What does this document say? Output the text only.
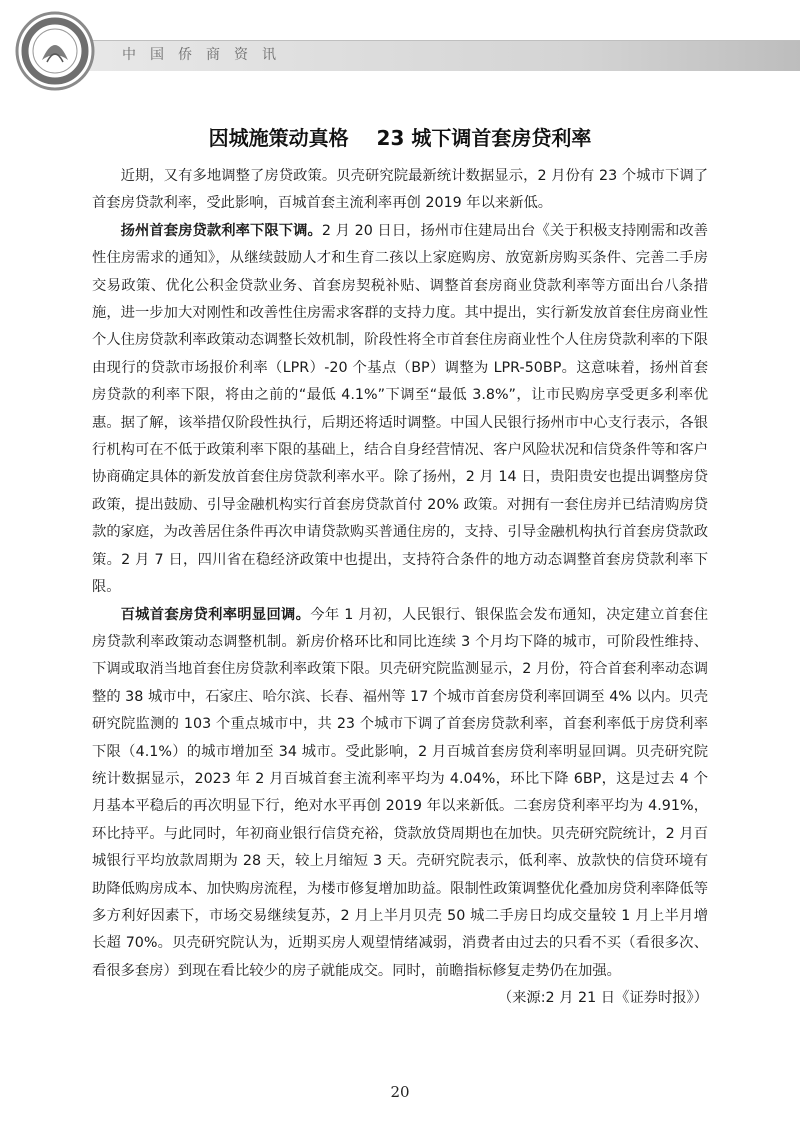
中国侨商资讯
因城施策动真格    23 城下调首套房贷利率

近期，又有多地调整了房贷政策。贝壳研究院最新统计数据显示，2 月份有 23 个城市下调了首套房贷款利率，受此影响，百城首套主流利率再创 2019 年以来新低。

扬州首套房贷款利率下限下调。2 月 20 日日，扬州市住建局出台《关于积极支持刚需和改善性住房需求的通知》，从继续鼓励人才和生育二孩以上家庭购房、放宽新房购买条件、完善二手房交易政策、优化公积金贷款业务、首套房契税补贴、调整首套房商业贷款利率等方面出台八条措施，进一步加大对刚性和改善性住房需求客群的支持力度。其中提出，实行新发放首套住房商业性个人住房贷款利率政策动态调整长效机制，阶段性将全市首套住房商业性个人住房贷款利率的下限由现行的贷款市场报价利率（LPR）-20 个基点（BP）调整为 LPR-50BP。这意味着，扬州首套房贷款的利率下限，将由之前的“最低 4.1%”下调至“最低 3.8%”，让市民购房享受更多利率优惠。据了解，该举措仅阶段性执行，后期还将适时调整。中国人民银行扬州市中心支行表示，各银行机构可在不低于政策利率下限的基础上，结合自身经营情况、客户风险状况和信贷条件等和客户协商确定具体的新发放首套住房贷款利率水平。除了扬州，2 月 14 日，贵阳贵安也提出调整房贷政策，提出鼓励、引导金融机构实行首套房贷款首付 20% 政策。对拥有一套住房并已结清购房贷款的家庭，为改善居住条件再次申请贷款购买普通住房的，支持、引导金融机构执行首套房贷款政策。2 月 7 日，四川省在稳经济政策中也提出，支持符合条件的地方动态调整首套房贷款利率下限。

百城首套房贷利率明显回调。今年 1 月初，人民银行、银保监会发布通知，决定建立首套住房贷款利率政策动态调整机制。新房价格环比和同比连续 3 个月均下降的城市，可阶段性维持、下调或取消当地首套住房贷款利率政策下限。贝壳研究院监测显示，2 月份，符合首套利率动态调整的 38 城市中，石家庄、哈尔滨、长春、福州等 17 个城市首套房贷利率回调至 4% 以内。贝壳研究院监测的 103 个重点城市中，共 23 个城市下调了首套房贷款利率，首套利率低于房贷利率下限（4.1%）的城市增加至 34 城市。受此影响，2 月百城首套房贷利率明显回调。贝壳研究院统计数据显示，2023 年 2 月百城首套主流利率平均为 4.04%，环比下降 6BP，这是过去 4 个月基本平稳后的再次明显下行，绝对水平再创 2019 年以来新低。二套房贷利率平均为 4.91%，环比持平。与此同时，年初商业银行信贷充裕，贷款放贷周期也在加快。贝壳研究院统计，2 月百城银行平均放款周期为 28 天，较上月缩短 3 天。壳研究院表示，低利率、放款快的信贷环境有助降低购房成本、加快购房流程，为楼市修复增加助益。限制性政策调整优化叠加房贷利率降低等多方利好因素下，市场交易继续复苏，2 月上半月贝壳 50 城二手房日均成交量较 1 月上半月增长超 70%。贝壳研究院认为，近期买房人观望情绪减弱，消费者由过去的只看不买（看很多次、看很多套房）到现在看比较少的房子就能成交。同时，前瞻指标修复走势仍在加强。
（来源:2 月 21 日《证券时报》）

20
